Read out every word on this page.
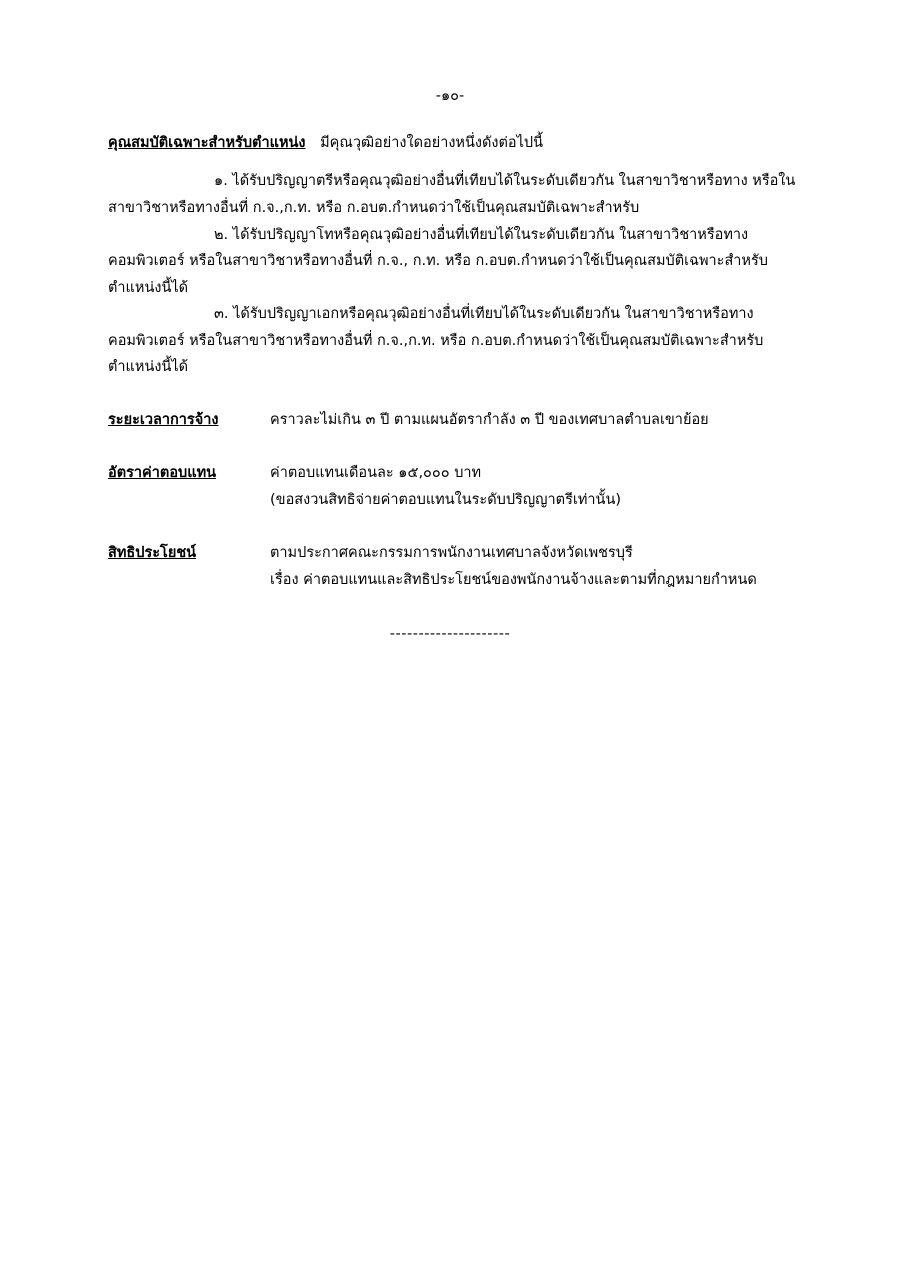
-๑๐-
คุณสมบัติเฉพาะสำหรับตำแหน่ง มีคุณวุฒิอย่างใดอย่างหนึ่งดังต่อไปนี้
๑. ได้รับปริญญาตรีหรือคุณวุฒิอย่างอื่นที่เทียบได้ในระดับเดียวกัน ในสาขาวิชาหรือทาง หรือใน
สาขาวิชาหรือทางอื่นที่ ก.จ.,ก.ท. หรือ ก.อบต.กำหนดว่าใช้เป็นคุณสมบัติเฉพาะสำหรับ
๒. ได้รับปริญญาโทหรือคุณวุฒิอย่างอื่นที่เทียบได้ในระดับเดียวกัน ในสาขาวิชาหรือทาง
คอมพิวเตอร์ หรือในสาขาวิชาหรือทางอื่นที่ ก.จ., ก.ท. หรือ ก.อบต.กำหนดว่าใช้เป็นคุณสมบัติเฉพาะสำหรับ
ตำแหน่งนี้ได้
๓. ได้รับปริญญาเอกหรือคุณวุฒิอย่างอื่นที่เทียบได้ในระดับเดียวกัน ในสาขาวิชาหรือทาง
คอมพิวเตอร์ หรือในสาขาวิชาหรือทางอื่นที่ ก.จ.,ก.ท. หรือ ก.อบต.กำหนดว่าใช้เป็นคุณสมบัติเฉพาะสำหรับ
ตำแหน่งนี้ได้
ระยะเวลาการจ้าง	คราวละไม่เกิน ๓ ปี ตามแผนอัตรากำลัง ๓ ปี ของเทศบาลตำบลเขาย้อย
อัตราค่าตอบแทน	ค่าตอบแทนเดือนละ ๑๕,๐๐๐ บาท
(ขอสงวนสิทธิจ่ายค่าตอบแทนในระดับปริญญาตรีเท่านั้น)
สิทธิประโยชน์	ตามประกาศคณะกรรมการพนักงานเทศบาลจังหวัดเพชรบุรี
เรื่อง ค่าตอบแทนและสิทธิประโยชน์ของพนักงานจ้างและตามที่กฎหมายกำหนด
---------------------
